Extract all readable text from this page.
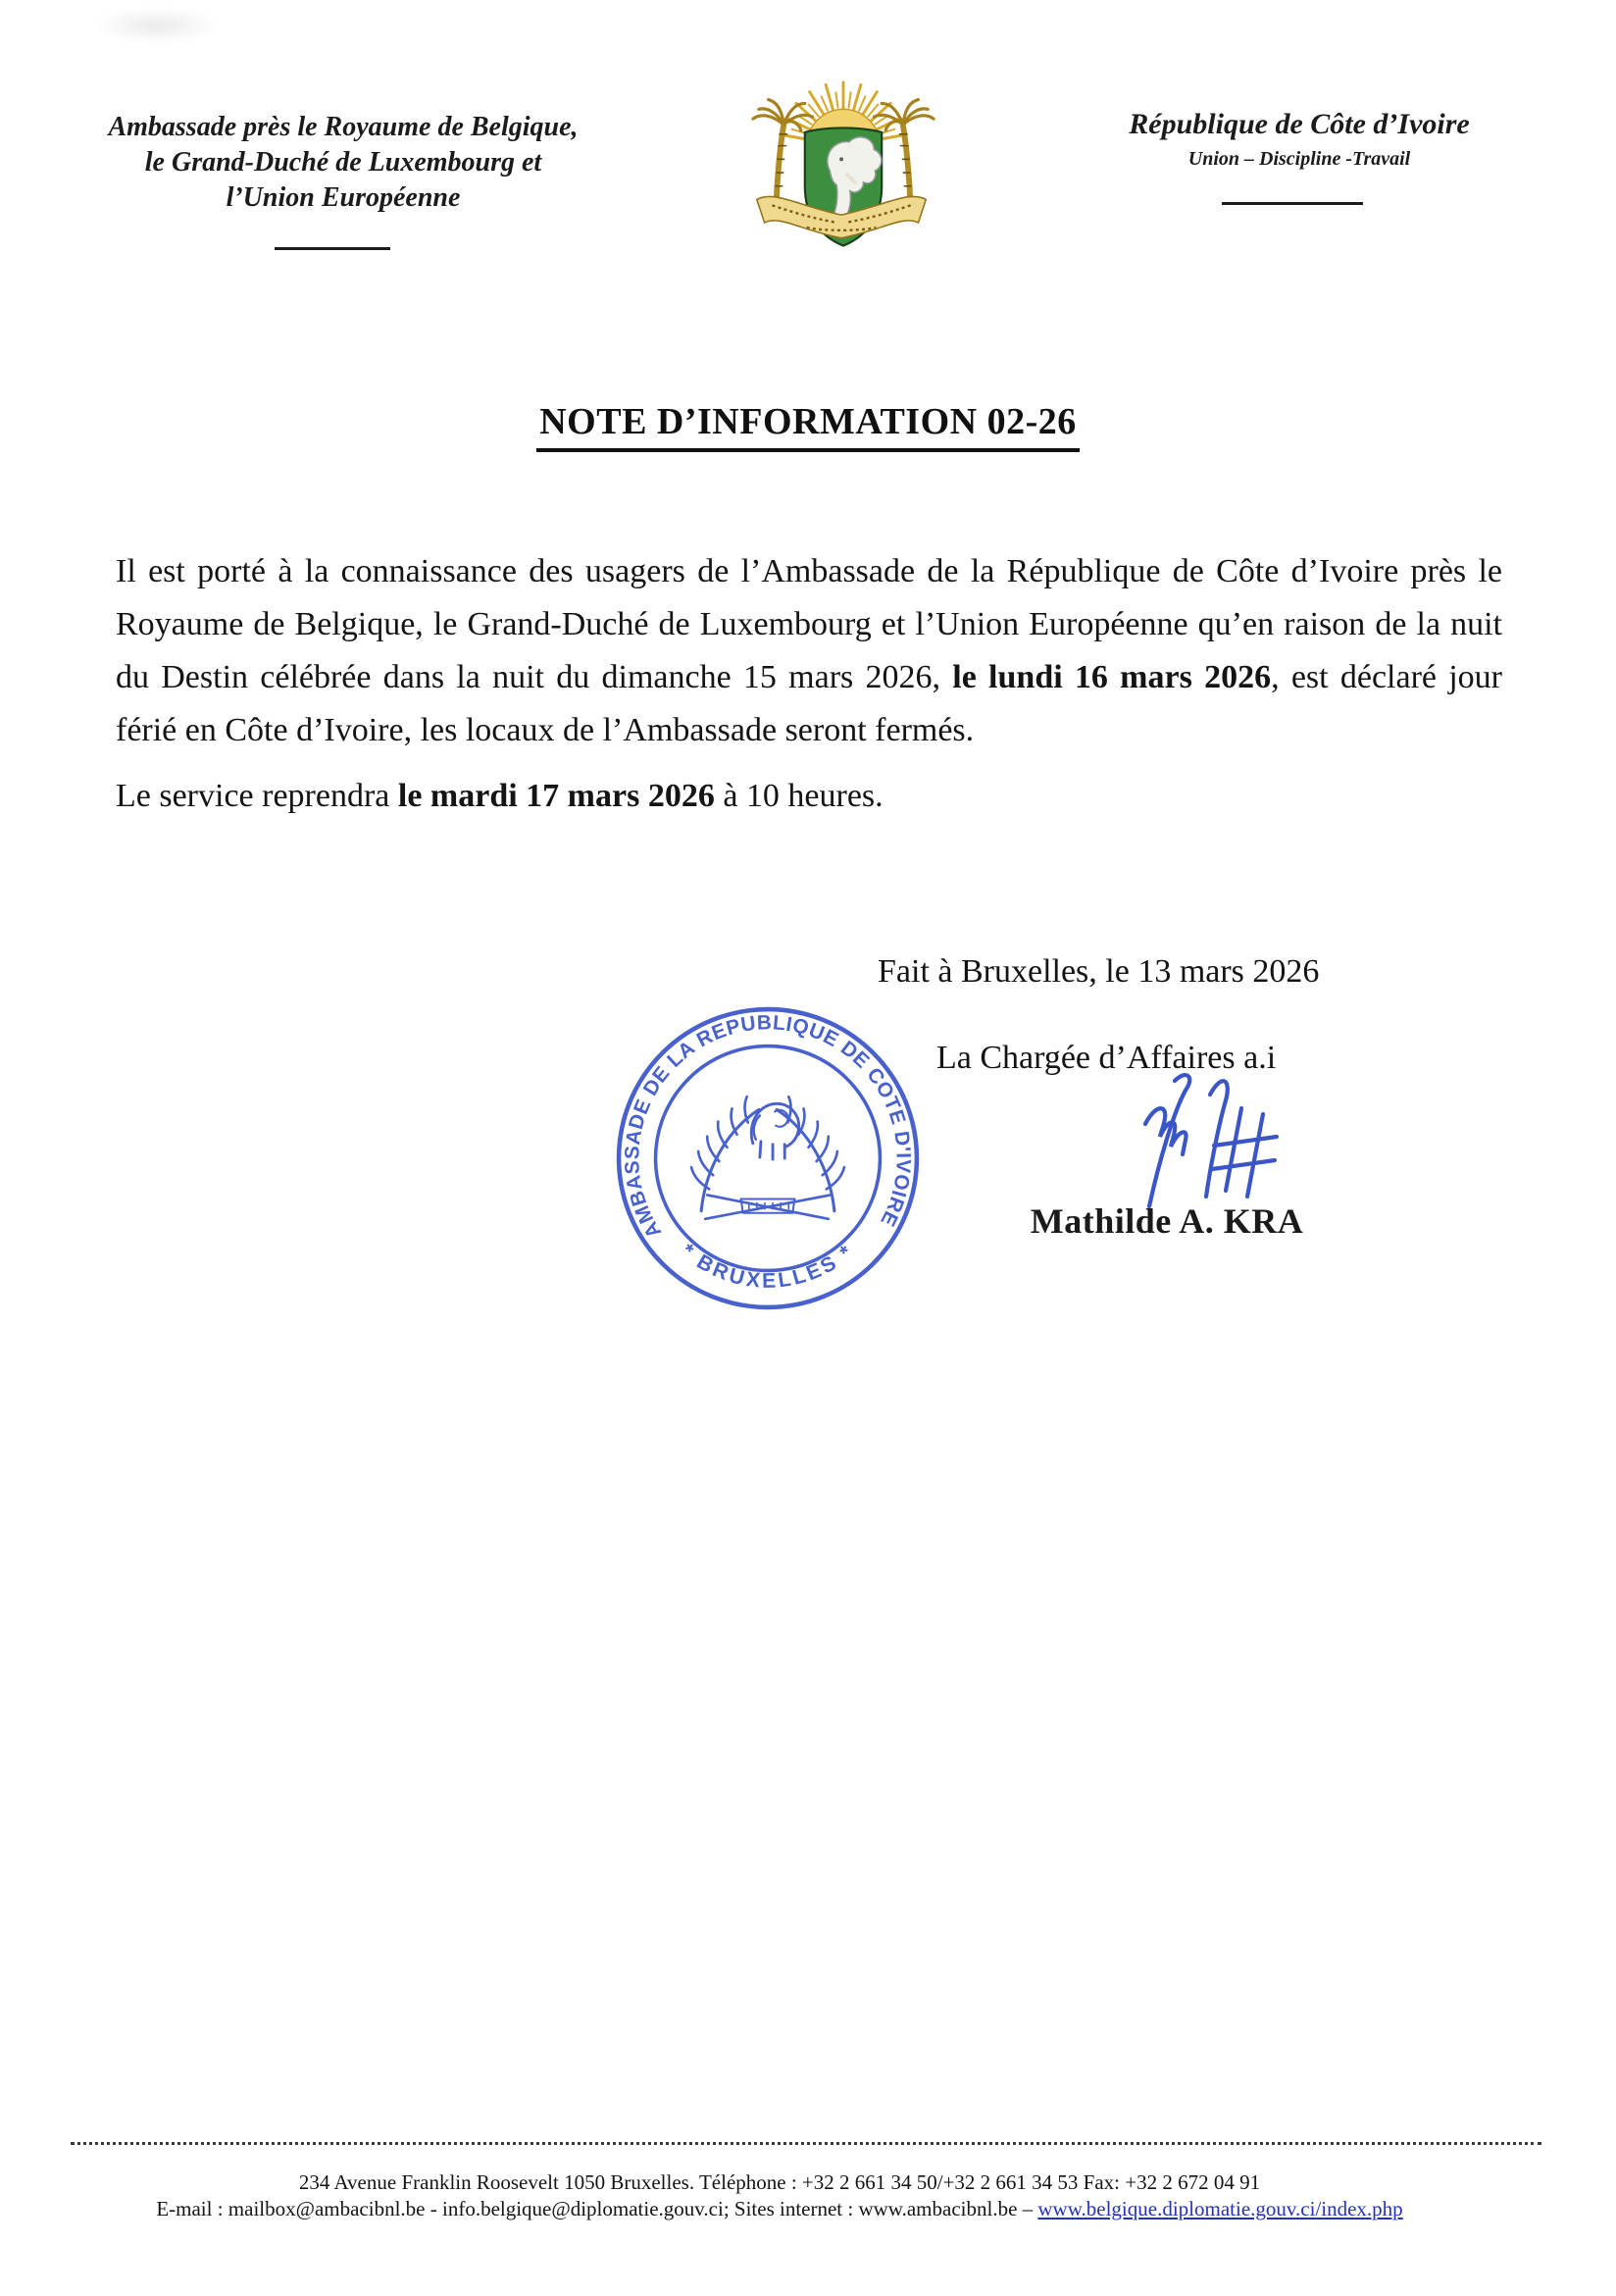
Ambassade près le Royaume de Belgique,
le Grand-Duché de Luxembourg et
l’Union Européenne
République de Côte d’Ivoire
Union – Discipline -Travail
NOTE D’INFORMATION 02-26

Il est porté à la connaissance des usagers de l’Ambassade de la République de Côte d’Ivoire près le Royaume de Belgique, le Grand-Duché de Luxembourg et l’Union Européenne qu’en raison de la nuit du Destin célébrée dans la nuit du dimanche 15 mars 2026, le lundi 16 mars 2026, est déclaré jour férié en Côte d’Ivoire, les locaux de l’Ambassade seront fermés.

Le service reprendra le mardi 17 mars 2026 à 10 heures.

Fait à Bruxelles, le 13 mars 2026
La Chargée d’Affaires a.i
AMBASSADE DE LA REPUBLIQUE DE COTE D'IVOIRE
* BRUXELLES *
Mathilde A. KRA
234 Avenue Franklin Roosevelt 1050 Bruxelles. Téléphone : +32 2 661 34 50/+32 2 661 34 53 Fax: +32 2 672 04 91
E-mail : mailbox@ambacibnl.be - info.belgique@diplomatie.gouv.ci; Sites internet : www.ambacibnl.be – www.belgique.diplomatie.gouv.ci/index.php
